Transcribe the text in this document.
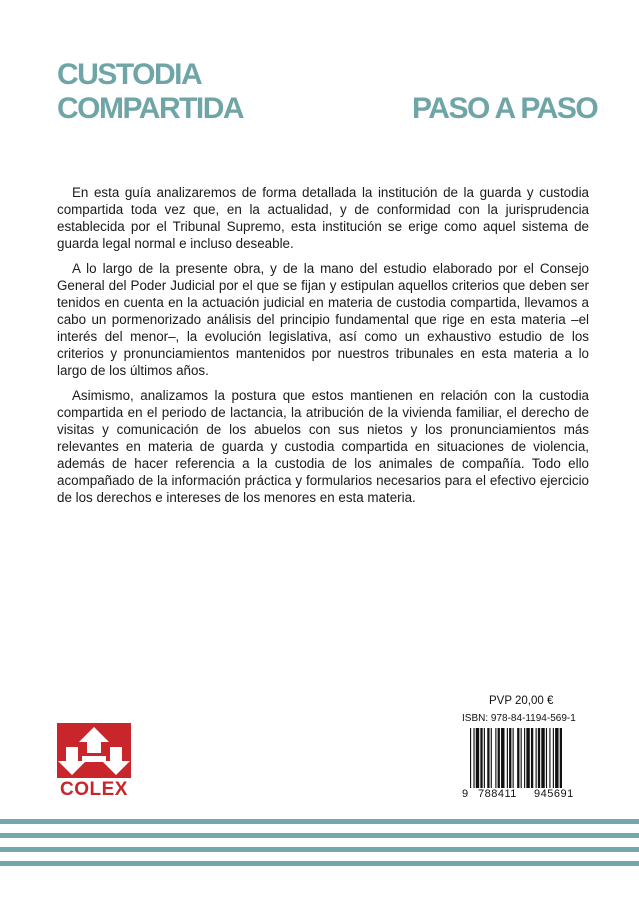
CUSTODIA
COMPARTIDA	PASO A PASO

En esta guía analizaremos de forma detallada la institución de la guarda y custodia compartida toda vez que, en la actualidad, y de conformidad con la jurisprudencia establecida por el Tribunal Supremo, esta institución se erige como aquel sistema de guarda legal normal e incluso deseable.

A lo largo de la presente obra, y de la mano del estudio elaborado por el Consejo General del Poder Judicial por el que se fijan y estipulan aquellos criterios que deben ser tenidos en cuenta en la actuación judicial en materia de custodia compartida, llevamos a cabo un pormenorizado análisis del principio fundamental que rige en esta materia –el interés del menor–, la evolución legislativa, así como un exhaustivo estudio de los criterios y pronunciamientos mantenidos por nuestros tribunales en esta materia a lo largo de los últimos años.

Asimismo, analizamos la postura que estos mantienen en relación con la custodia compartida en el periodo de lactancia, la atribución de la vivienda familiar, el derecho de visitas y comunicación de los abuelos con sus nietos y los pronunciamientos más relevantes en materia de guarda y custodia compartida en situaciones de violencia, además de hacer referencia a la custodia de los animales de compañía. Todo ello acompañado de la información práctica y formularios necesarios para el efectivo ejercicio de los derechos e intereses de los menores en esta materia.

PVP 20,00 €
ISBN: 978-84-1194-569-1
9 788411 945691
COLEX
